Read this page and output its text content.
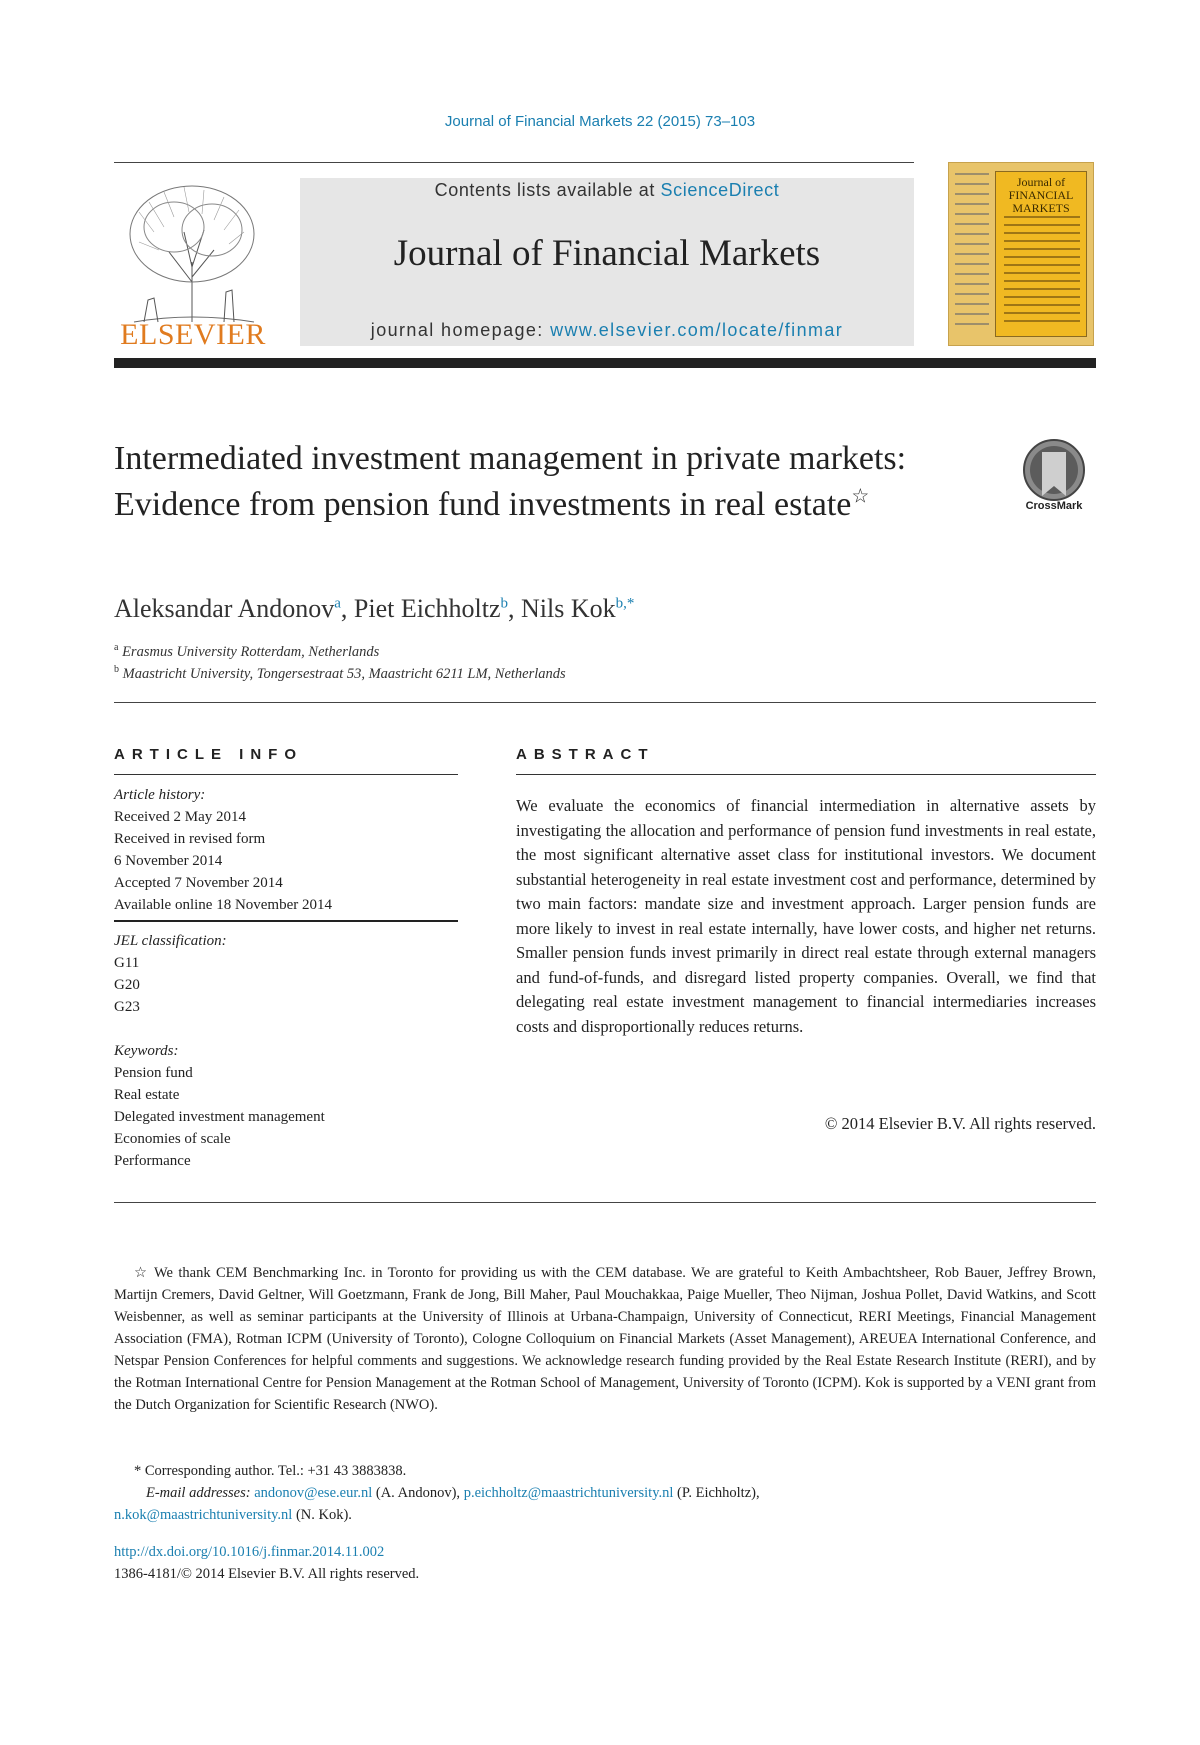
Journal of Financial Markets 22 (2015) 73–103
ELSEVIER
Contents lists available at ScienceDirect
Journal of Financial Markets
journal homepage: www.elsevier.com/locate/finmar
Journal of FINANCIAL MARKETS
Intermediated investment management in private markets: Evidence from pension fund investments in real estate☆	CrossMark
Aleksandar Andonov$^a$, Piet Eichholtz$^b$, Nils Kok$^{b,*}$
$^a$ Erasmus University Rotterdam, Netherlands
$^b$ Maastricht University, Tongersestraat 53, Maastricht 6211 LM, Netherlands
ARTICLE INFO
Article history:
Received 2 May 2014
Received in revised form
6 November 2014
Accepted 7 November 2014
Available online 18 November 2014
JEL classification:
G11
G20
G23
Keywords:
Pension fund
Real estate
Delegated investment management
Economies of scale
Performance
ABSTRACT
We evaluate the economics of financial intermediation in alternative assets by investigating the allocation and performance of pension fund investments in real estate, the most significant alternative asset class for institutional investors. We document substantial heterogeneity in real estate investment cost and performance, determined by two main factors: mandate size and investment approach. Larger pension funds are more likely to invest in real estate internally, have lower costs, and higher net returns. Smaller pension funds invest primarily in direct real estate through external managers and fund-of-funds, and disregard listed property companies. Overall, we find that delegating real estate investment management to financial intermediaries increases costs and disproportionally reduces returns.
© 2014 Elsevier B.V. All rights reserved.
☆ We thank CEM Benchmarking Inc. in Toronto for providing us with the CEM database. We are grateful to Keith Ambachtsheer, Rob Bauer, Jeffrey Brown, Martijn Cremers, David Geltner, Will Goetzmann, Frank de Jong, Bill Maher, Paul Mouchakkaa, Paige Mueller, Theo Nijman, Joshua Pollet, David Watkins, and Scott Weisbenner, as well as seminar participants at the University of Illinois at Urbana-Champaign, University of Connecticut, RERI Meetings, Financial Management Association (FMA), Rotman ICPM (University of Toronto), Cologne Colloquium on Financial Markets (Asset Management), AREUEA International Conference, and Netspar Pension Conferences for helpful comments and suggestions. We acknowledge research funding provided by the Real Estate Research Institute (RERI), and by the Rotman International Centre for Pension Management at the Rotman School of Management, University of Toronto (ICPM). Kok is supported by a VENI grant from the Dutch Organization for Scientific Research (NWO).
* Corresponding author. Tel.: +31 43 3883838.
E-mail addresses: andonov@ese.eur.nl (A. Andonov), p.eichholtz@maastrichtuniversity.nl (P. Eichholtz),
n.kok@maastrichtuniversity.nl (N. Kok).
http://dx.doi.org/10.1016/j.finmar.2014.11.002
1386-4181/© 2014 Elsevier B.V. All rights reserved.
